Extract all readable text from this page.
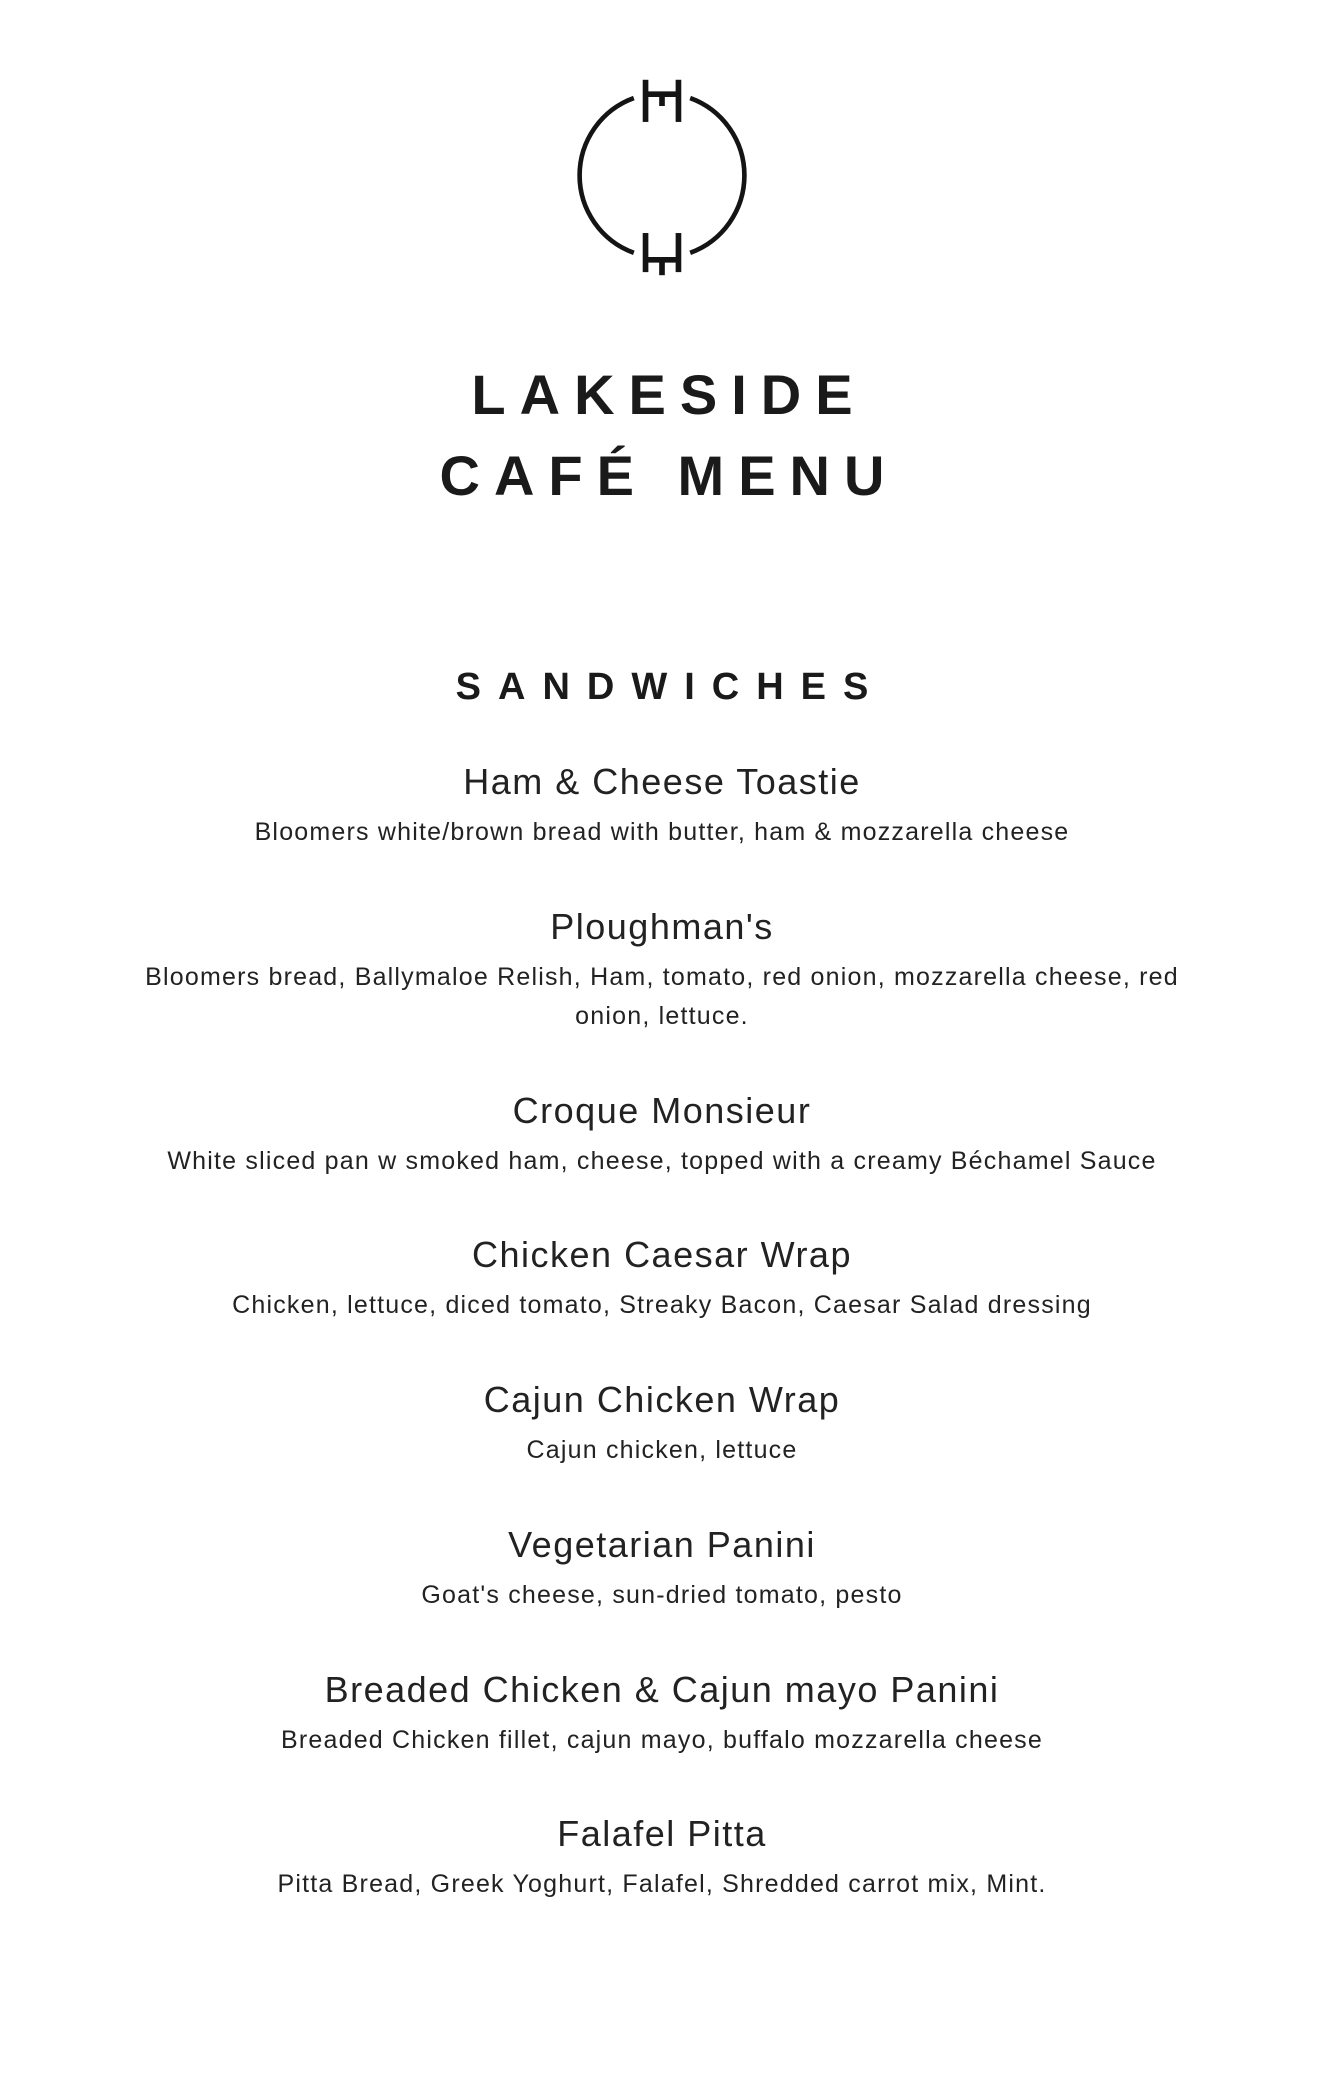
LAKESIDE
CAFÉ MENU
SANDWICHES
Ham & Cheese Toastie

Bloomers white/brown bread with butter, ham & mozzarella cheese

Ploughman's

Bloomers bread, Ballymaloe Relish, Ham, tomato, red onion, mozzarella cheese, red onion, lettuce.

Croque Monsieur

White sliced pan w smoked ham, cheese, topped with a creamy Béchamel Sauce

Chicken Caesar Wrap

Chicken, lettuce, diced tomato, Streaky Bacon, Caesar Salad dressing

Cajun Chicken Wrap

Cajun chicken, lettuce

Vegetarian Panini

Goat's cheese, sun-dried tomato, pesto

Breaded Chicken & Cajun mayo Panini

Breaded Chicken fillet, cajun mayo, buffalo mozzarella cheese

Falafel Pitta

Pitta Bread, Greek Yoghurt, Falafel, Shredded carrot mix, Mint.
